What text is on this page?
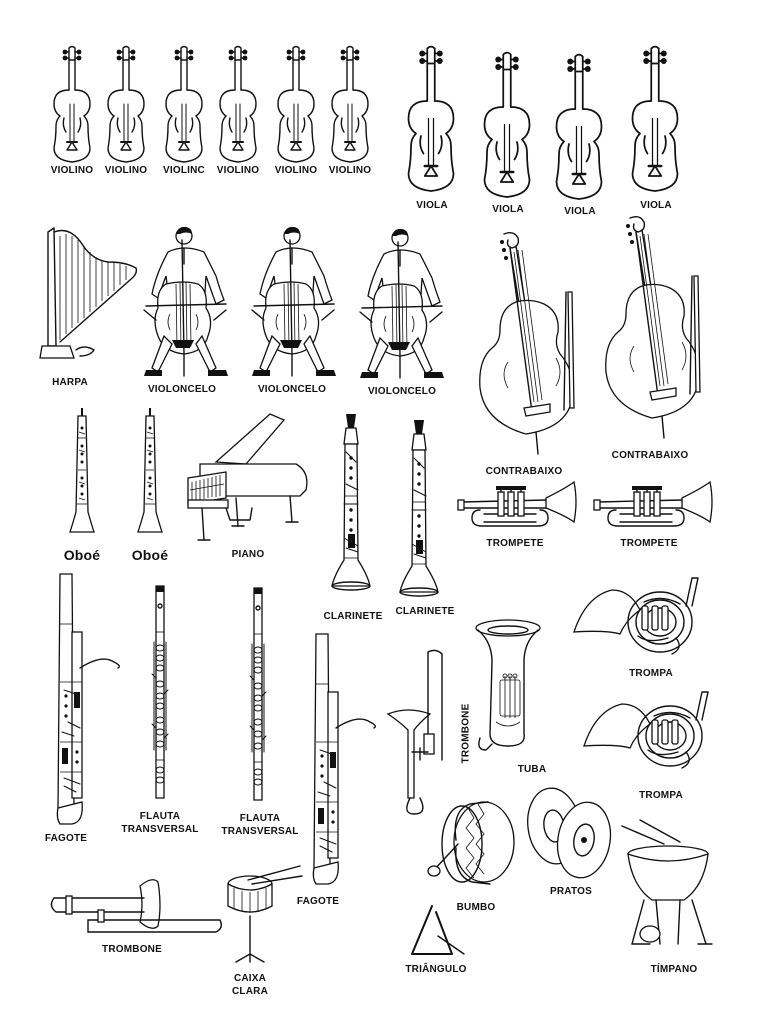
VIOLINO	VIOLINO	VIOLINC	VIOLINO	VIOLINO	VIOLINO
VIOLA	VIOLA	VIOLA
VIOLA
HARPA
VIOLONCELO	VIOLONCELO	VIOLONCELO
CONTRABAIXO
CONTRABAIXO
Oboé	Oboé	PIANO
CLARINETE	CLARINETE
TROMPETE	TROMPETE
FAGOTE
FAGOTE
FLAUTA
TRANSVERSAL
FLAUTA
TRANSVERSAL
TROMBONE
TUBA
TROMPA
TROMPA
BUMBO
PRATOS
TROMBONE
CAIXA
CLARA
TRIÂNGULO	TÍMPANO
